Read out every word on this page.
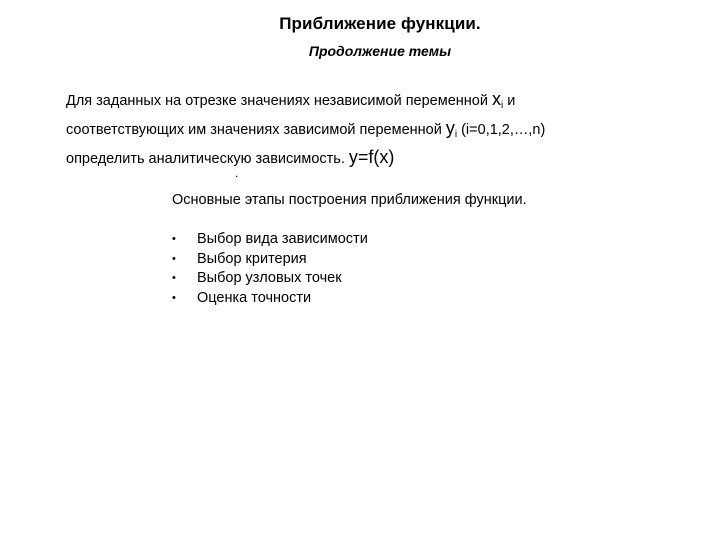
Приближение функции.
Продолжение темы
Для заданных на отрезке значениях независимой переменной $x_i$ и
соответствующих им значениях зависимой переменной $y_i$ (i=0,1,2,…,n)
определить аналитическую зависимость. y=f(x)
.
Основные этапы построения приближения функции.
• Выбор вида зависимости
• Выбор критерия
• Выбор узловых точек
• Оценка точности
